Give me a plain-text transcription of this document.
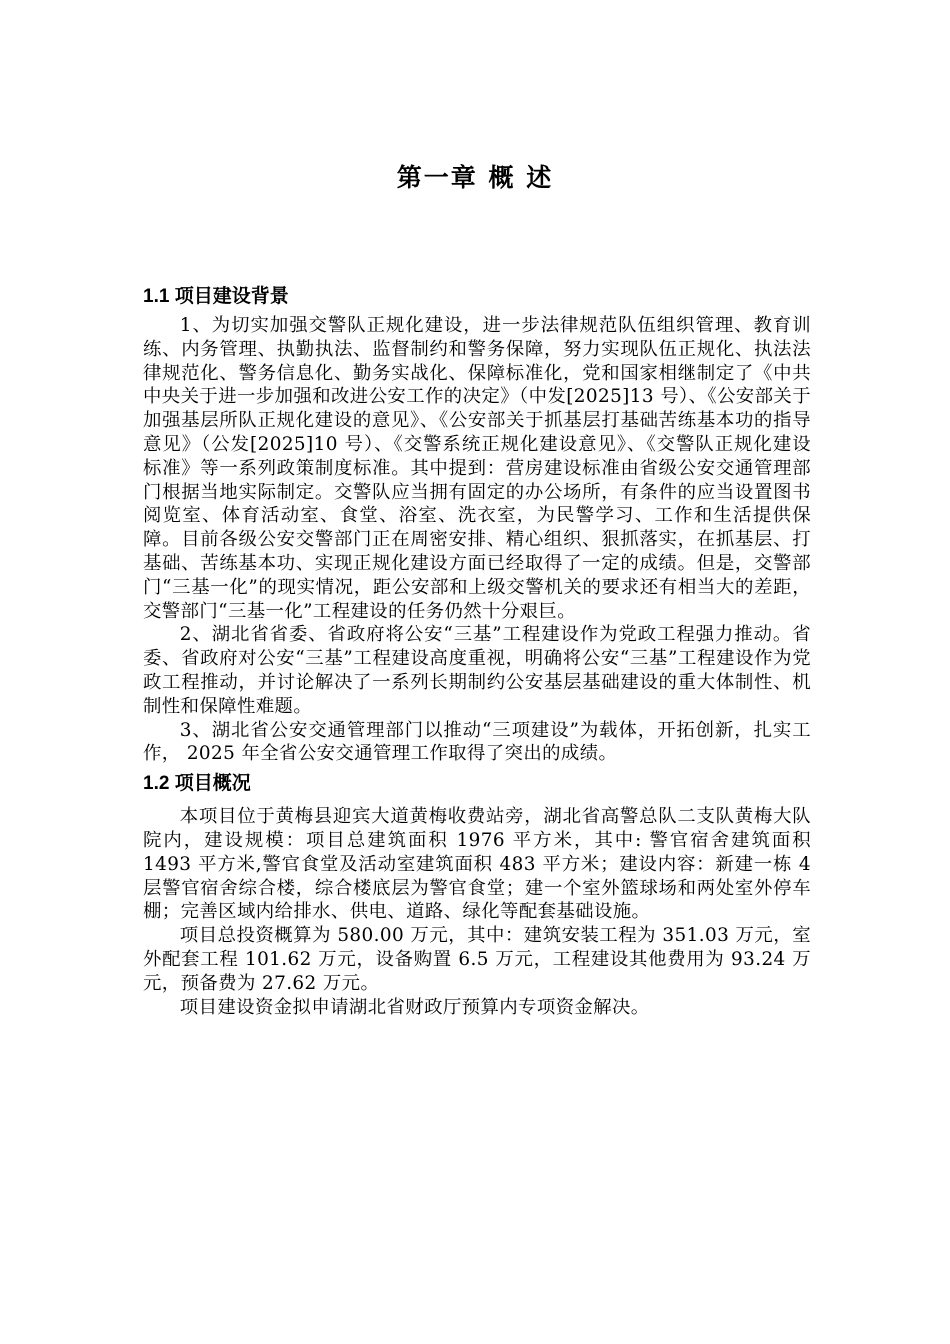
第一章 概 述
1.1 项目建设背景

1、为切实加强交警队正规化建设，进一步法律规范队伍组织管理、教育训练、内务管理、执勤执法、监督制约和警务保障，努力实现队伍正规化、执法法律规范化、警务信息化、勤务实战化、保障标准化，党和国家相继制定了《中共中央关于进一步加强和改进公安工作的决定》（中发[2025]13 号）、《公安部关于加强基层所队正规化建设的意见》、《公安部关于抓基层打基础苦练基本功的指导意见》（公发[2025]10 号）、《交警系统正规化建设意见》、《交警队正规化建设标准》等一系列政策制度标准。其中提到：营房建设标准由省级公安交通管理部门根据当地实际制定。交警队应当拥有固定的办公场所，有条件的应当设置图书阅览室、体育活动室、食堂、浴室、洗衣室，为民警学习、工作和生活提供保障。目前各级公安交警部门正在周密安排、精心组织、狠抓落实，在抓基层、打基础、苦练基本功、实现正规化建设方面已经取得了一定的成绩。但是，交警部门“三基一化”的现实情况，距公安部和上级交警机关的要求还有相当大的差距，交警部门“三基一化”工程建设的任务仍然十分艰巨。

2、湖北省省委、省政府将公安“三基”工程建设作为党政工程强力推动。省委、省政府对公安“三基”工程建设高度重视，明确将公安“三基”工程建设作为党政工程推动，并讨论解决了一系列长期制约公安基层基础建设的重大体制性、机制性和保障性难题。

3、湖北省公安交通管理部门以推动“三项建设”为载体，开拓创新，扎实工作， 2025 年全省公安交通管理工作取得了突出的成绩。

1.2 项目概况

本项目位于黄梅县迎宾大道黄梅收费站旁，湖北省高警总队二支队黄梅大队院内，建设规模：项目总建筑面积 1976 平方米，其中: 警官宿舍建筑面积 1493 平方米,警官食堂及活动室建筑面积 483 平方米；建设内容：新建一栋 4 层警官宿舍综合楼，综合楼底层为警官食堂；建一个室外篮球场和两处室外停车棚；完善区域内给排水、供电、道路、绿化等配套基础设施。

项目总投资概算为 580.00 万元，其中：建筑安装工程为 351.03 万元，室外配套工程 101.62 万元，设备购置 6.5 万元，工程建设其他费用为 93.24 万元，预备费为 27.62 万元。

项目建设资金拟申请湖北省财政厅预算内专项资金解决。
